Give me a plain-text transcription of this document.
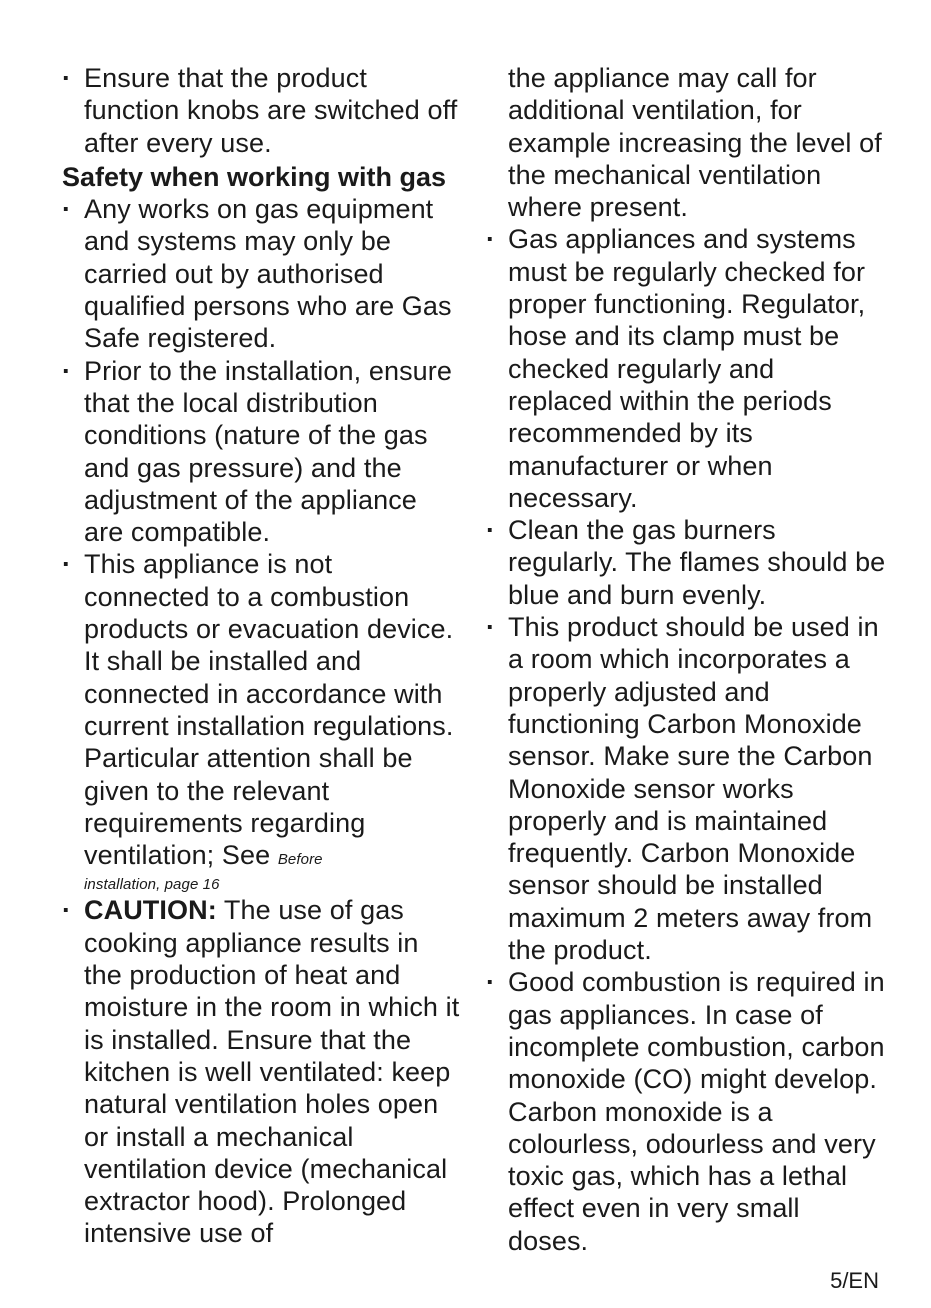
· Ensure that the product function knobs are switched off after every use.
Safety when working with gas
· Any works on gas equipment and systems may only be carried out by authorised qualified persons who are Gas Safe registered.
· Prior to the installation, ensure that the local distribution conditions (nature of the gas and gas pressure) and the adjustment of the appliance are compatible.
· This appliance is not connected to a combustion products or evacuation device. It shall be installed and connected in accordance with current installation regulations. Particular attention shall be given to the relevant requirements regarding ventilation; See Before
installation, page 16
· CAUTION: The use of gas cooking appliance results in the production of heat and moisture in the room in which it is installed. Ensure that the kitchen is well ventilated: keep natural ventilation holes open or install a mechanical ventilation device (mechanical extractor hood). Prolonged intensive use of
the appliance may call for additional ventilation, for example increasing the level of the mechanical ventilation where present.
· Gas appliances and systems must be regularly checked for proper functioning. Regulator, hose and its clamp must be checked regularly and replaced within the periods recommended by its manufacturer or when necessary.
· Clean the gas burners regularly. The flames should be blue and burn evenly.
· This product should be used in a room which incorporates a properly adjusted and functioning Carbon Monoxide sensor. Make sure the Carbon Monoxide sensor works properly and is maintained frequently. Carbon Monoxide sensor should be installed maximum 2 meters away from the product.
· Good combustion is required in gas appliances. In case of incomplete combustion, carbon monoxide (CO) might develop. Carbon monoxide is a colourless, odourless and very toxic gas, which has a lethal effect even in very small doses.
5/EN
